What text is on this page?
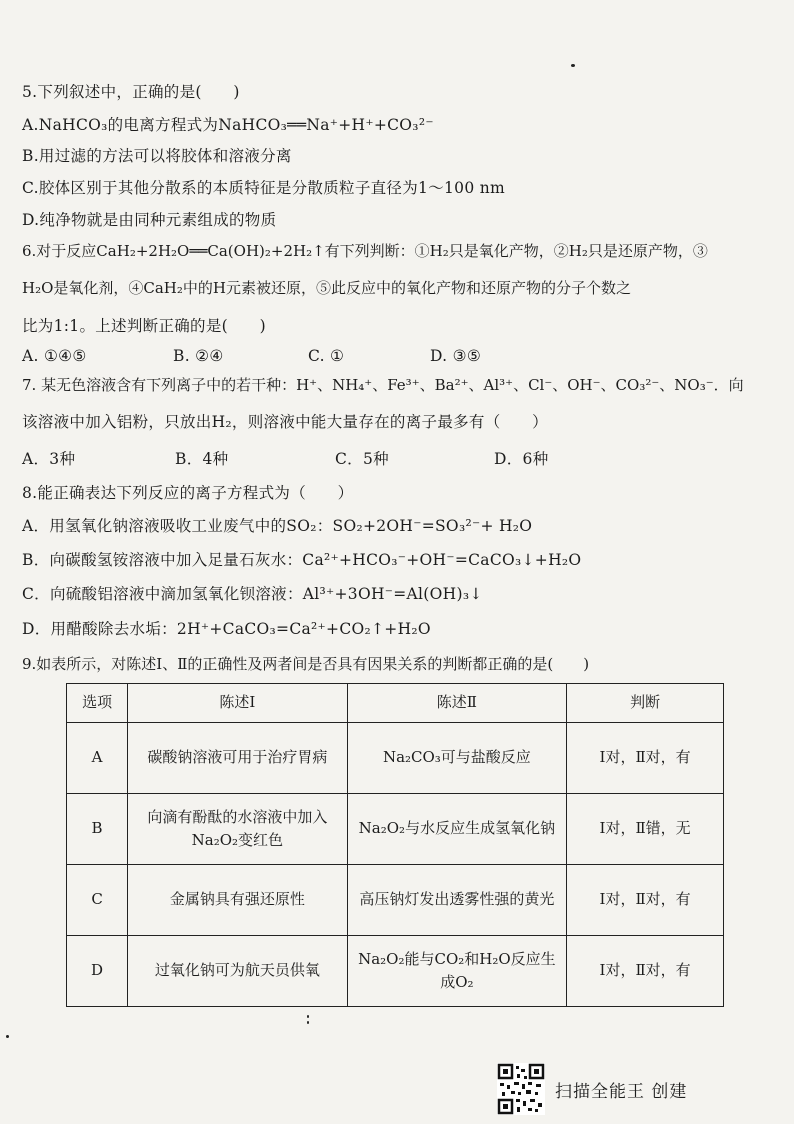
5.下列叙述中，正确的是(　　)
A.NaHCO₃的电离方程式为NaHCO₃══Na⁺+H⁺+CO₃²⁻
B.用过滤的方法可以将胶体和溶液分离
C.胶体区别于其他分散系的本质特征是分散质粒子直径为1～100 nm
D.纯净物就是由同种元素组成的物质
6.对于反应CaH₂+2H₂O══Ca(OH)₂+2H₂↑有下列判断：①H₂只是氧化产物，②H₂只是还原产物，③
H₂O是氧化剂，④CaH₂中的H元素被还原，⑤此反应中的氧化产物和还原产物的分子个数之
比为1:1。上述判断正确的是(　　)
A. ①④⑤	B. ②④	C. ①	D. ③⑤
7. 某无色溶液含有下列离子中的若干种：H⁺、NH₄⁺、Fe³⁺、Ba²⁺、Al³⁺、Cl⁻、OH⁻、CO₃²⁻、NO₃⁻．向
该溶液中加入铝粉，只放出H₂，则溶液中能大量存在的离子最多有（　　）
A．3种	B．4种	C．5种	D．6种
8.能正确表达下列反应的离子方程式为（　　）
A．用氢氧化钠溶液吸收工业废气中的SO₂：SO₂+2OH⁻=SO₃²⁻+ H₂O
B．向碳酸氢铵溶液中加入足量石灰水：Ca²⁺+HCO₃⁻+OH⁻=CaCO₃↓+H₂O
C．向硫酸铝溶液中滴加氢氧化钡溶液：Al³⁺+3OH⁻=Al(OH)₃↓
D．用醋酸除去水垢：2H⁺+CaCO₃=Ca²⁺+CO₂↑+H₂O
9.如表所示，对陈述Ⅰ、Ⅱ的正确性及两者间是否具有因果关系的判断都正确的是(　　)
选项	陈述Ⅰ	陈述Ⅱ	判断
A	碳酸钠溶液可用于治疗胃病	Na₂CO₃可与盐酸反应	Ⅰ对，Ⅱ对，有
B	向滴有酚酞的水溶液中加入Na₂O₂变红色	Na₂O₂与水反应生成氢氧化钠	Ⅰ对，Ⅱ错，无
C	金属钠具有强还原性	高压钠灯发出透雾性强的黄光	Ⅰ对，Ⅱ对，有
D	过氧化钠可为航天员供氧	Na₂O₂能与CO₂和H₂O反应生成O₂	Ⅰ对，Ⅱ对，有
扫描全能王 创建
